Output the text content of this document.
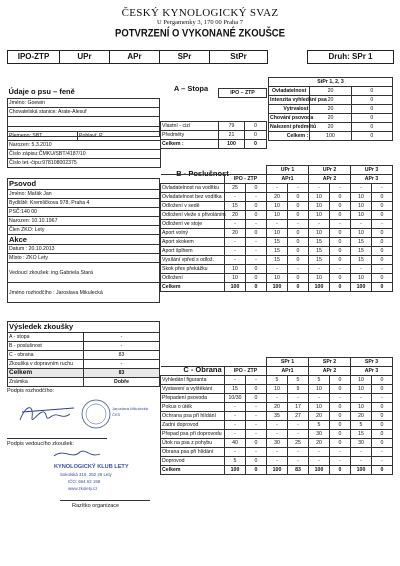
ČESKÝ KYNOLOGICKÝ SVAZ
U Pergamenky 3, 170 00 Praha 7
POTVRZENÍ O VYKONANÉ ZKOUŠCE
IPO-ZTP	UPr	APr	SPr	StPr		Druh: SPr 1
Údaje o psu – feně
Jméno: Goewin
Chovatelská stanice: Arate-Alesuf

Plemeno: SBT	Pohlaví: P
Narozen: 5.3.2010
Číslo zápisu:ČMKU/SBT/4187/10
Číslo tet.-čipu:978108002375
A – Stopa	IPO – ZTP
Vlastní - cizí	79	0
Předměty	21	0
Celkem :	100	0
StPr 1, 2, 3		
Ovladatelnost	20	0
Intenzita vyhledání psa	20	0
Vytrvalost	20	0
Chování psovoda	20	0
Nalezení předmětů	20	0
Celkem :	100	0
Psovod
Jméno: Mařák Jan
Bydliště: Kremličkova 978, Praha 4
PSČ:140 00
Narozen: 10.10.1967
Člen ZKO: Lety
Akce
Datum : 20.10.2013
Místo : ZKO Lety
Vedoucí zkoušek: ing.Gabriela Stará
Jméno rozhodčího : Jaroslava Mikulecká
B - Poslušnost
			UPr 1		UPr 2		UPr 3	
	IPO - ZTP		APr1		APr 2		APr 3	
Ovladatelnost na vodítku	25	0	-	-	-	-	-	-
Ovladatelnost bez vodítka	-	-	20	0	10	0	10	0
Odložení v sedě	15	0	10	0	10	0	10	0
Odložení vleže s přivoláním	20	0	10	0	10	0	10	0
Odložení ve stoje	-	-	-	-	-	-	-	-
Aport volný	20	0	10	0	10	0	10	0
Aport skokem	-	-	15	0	15	0	15	0
Aport šplhem	-	-	15	0	15	0	15	0
Vysílání vpřed s odlož.	-	-	15	0	15	0	15	0
Skok přes překážku	10	0	-	-	-	-	-	-
Odložení	10	0	10	0	10	0	10	0
Celkem	100	0	100	0	100	0	100	0
Výsledek zkoušky	
A - stopa	-
B - poslušnost	-
C - obrana	83
Zkouška v dopravním ruchu	-
Celkem	83
Známka	Dobře
C - Obrana
			SPr 1		SPr 2		SPr 3	
	IPO - ZTP		APr1		APr 2		APr 3	
Vyhledání figuranta	-	-	5	5	5	0	10	0
Vystavení a vyštěkání	15	0	10	9	10	0	10	0
Přepadení psovoda	10/30	0	-	-	-	-	-	-
Pokus o útěk	-	-	20	17	10	0	10	0
Ochrana psa při hlídání	-	-	35	27	20	0	20	0
Zadní doprovod	-	-	-	-	5	0	5	0
Přepad psa při doprovodu	-	-	-	-	30	0	15	0
Útok na psa z pohybu	40	0	30	25	20	0	30	0
Obrana psa při hlídání	-	-	-	-	-	-	-	-
Doprovod	5	0	-	-	-	-	-	-
Celkem	100	0	100	83	100	0	100	0
Podpis rozhodčího:
Jaroslava Mikulecká
ČKS
Podpis vedoucího zkoušek:
KYNOLOGICKÝ KLUB LETY
Sokolská 316, 252 29 Lety
IČO: 664 62 158
www.zkolety.cz
Razítko organizace
